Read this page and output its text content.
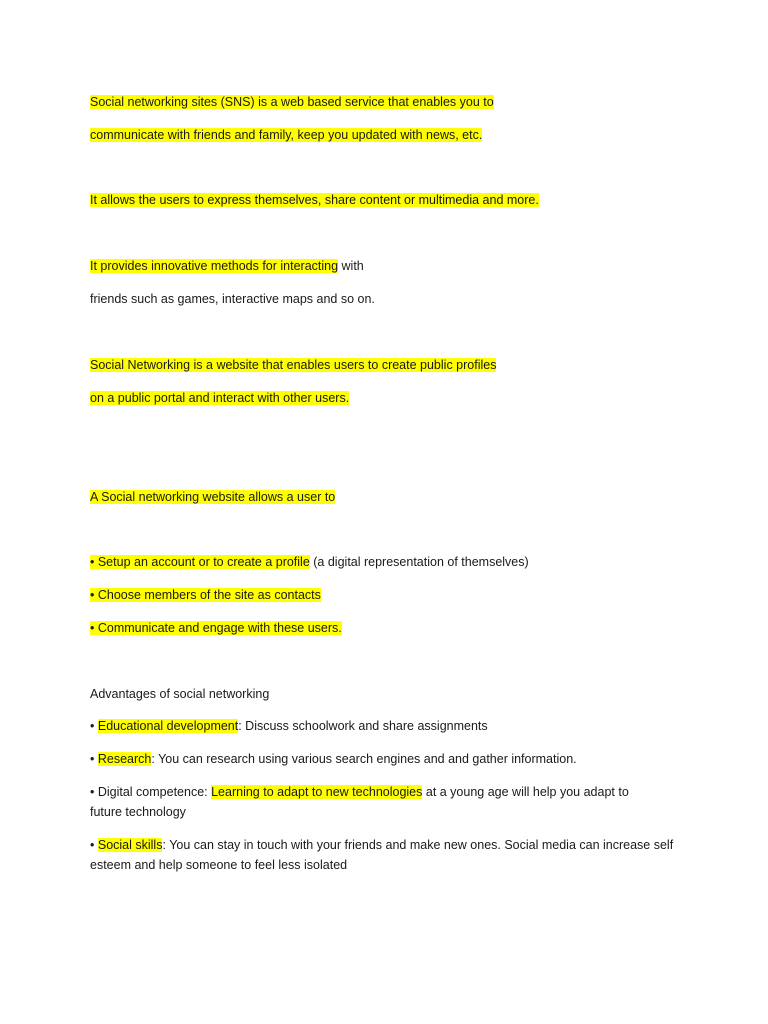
Social networking sites (SNS) is a web based service that enables you to
communicate with friends and family, keep you updated with news, etc.
It allows the users to express themselves, share content or multimedia and more.
It provides innovative methods for interacting with
friends such as games, interactive maps and so on.
Social Networking is a website that enables users to create public profiles
on a public portal and interact with other users.
A Social networking website allows a user to
• Setup an account or to create a profile (a digital representation of themselves)
• Choose members of the site as contacts
• Communicate and engage with these users.
Advantages of social networking
• Educational development: Discuss schoolwork and share assignments
• Research: You can research using various search engines and and gather information.
• Digital competence: Learning to adapt to new technologies at a young age will help you adapt to future technology
• Social skills: You can stay in touch with your friends and make new ones. Social media can increase self esteem and help someone to feel less isolated
